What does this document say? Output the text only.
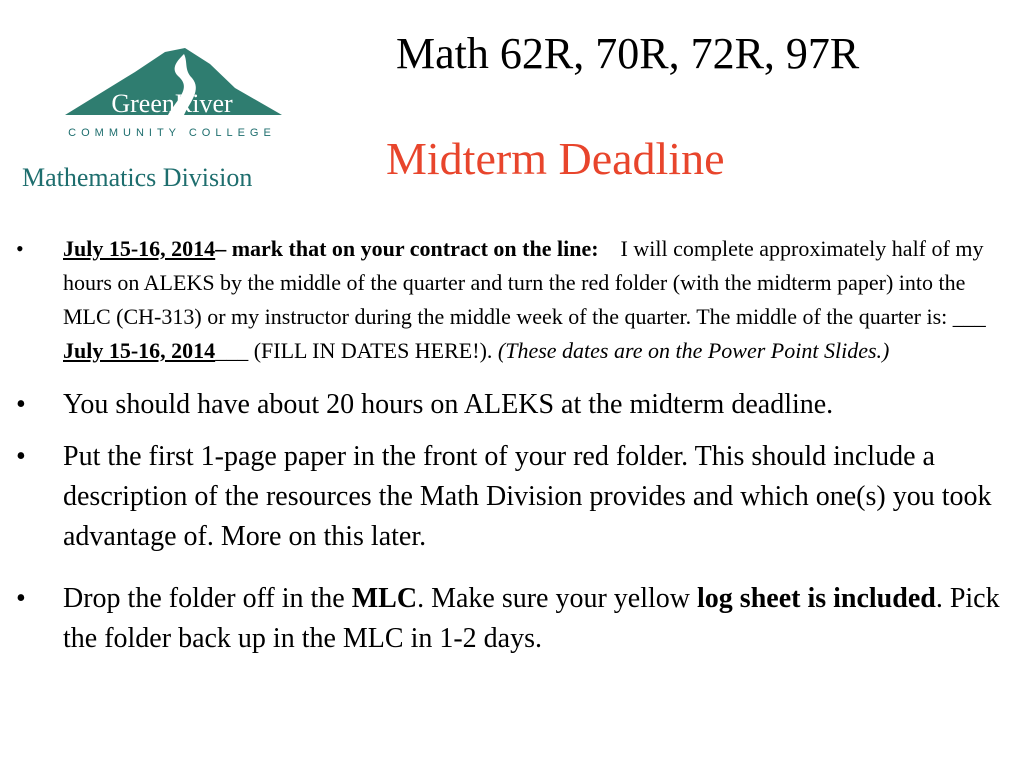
GreenRiver
COMMUNITY COLLEGE
Mathematics Division
Math 62R, 70R, 72R, 97R
Midterm Deadline
• July 15-16, 2014– mark that on your contract on the line: I will complete approximately half of my hours on ALEKS by the middle of the quarter and turn the red folder (with the midterm paper) into the MLC (CH-313) or my instructor during the middle week of the quarter. The middle of the quarter is: ___ July 15-16, 2014___ (FILL IN DATES HERE!). (These dates are on the Power Point Slides.)
• You should have about 20 hours on ALEKS at the midterm deadline.
• Put the first 1-page paper in the front of your red folder. This should include a description of the resources the Math Division provides and which one(s) you took advantage of. More on this later.
• Drop the folder off in the MLC. Make sure your yellow log sheet is included. Pick the folder back up in the MLC in 1-2 days.
